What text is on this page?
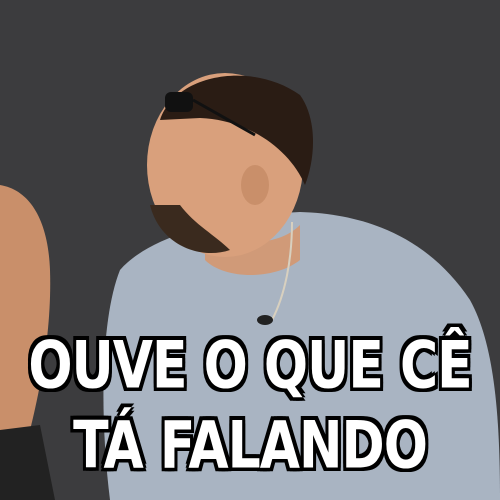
OUVE O QUE CÊ
TÁ FALANDO
